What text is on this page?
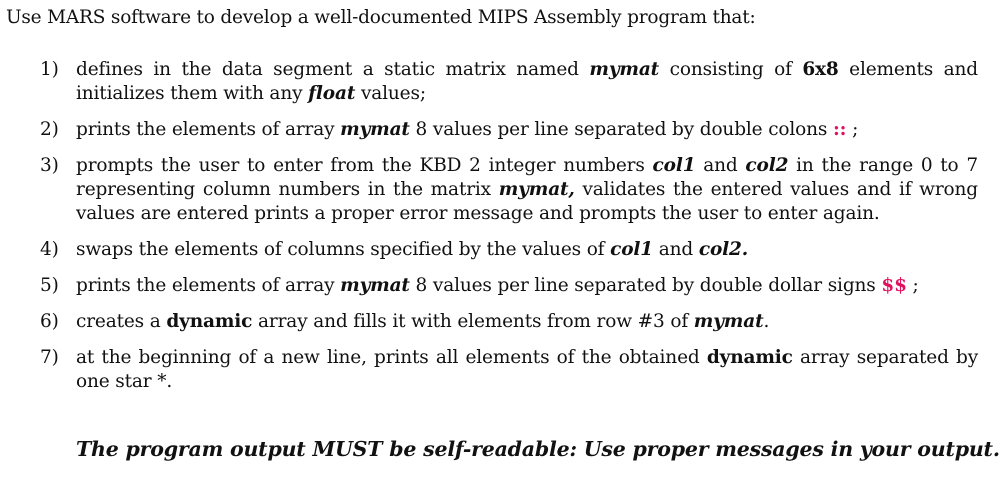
Use MARS software to develop a well-documented MIPS Assembly program that:
1) defines in the data segment a static matrix named mymat consisting of 6x8 elements and initializes them with any float values;
2) prints the elements of array mymat 8 values per line separated by double colons :: ;
3) prompts the user to enter from the KBD 2 integer numbers col1 and col2 in the range 0 to 7 representing column numbers in the matrix mymat, validates the entered values and if wrong values are entered prints a proper error message and prompts the user to enter again.
4) swaps the elements of columns specified by the values of col1 and col2.
5) prints the elements of array mymat 8 values per line separated by double dollar signs $$ ;
6) creates a dynamic array and fills it with elements from row #3 of mymat.
7) at the beginning of a new line, prints all elements of the obtained dynamic array separated by one star *.
The program output MUST be self-readable: Use proper messages in your output.
